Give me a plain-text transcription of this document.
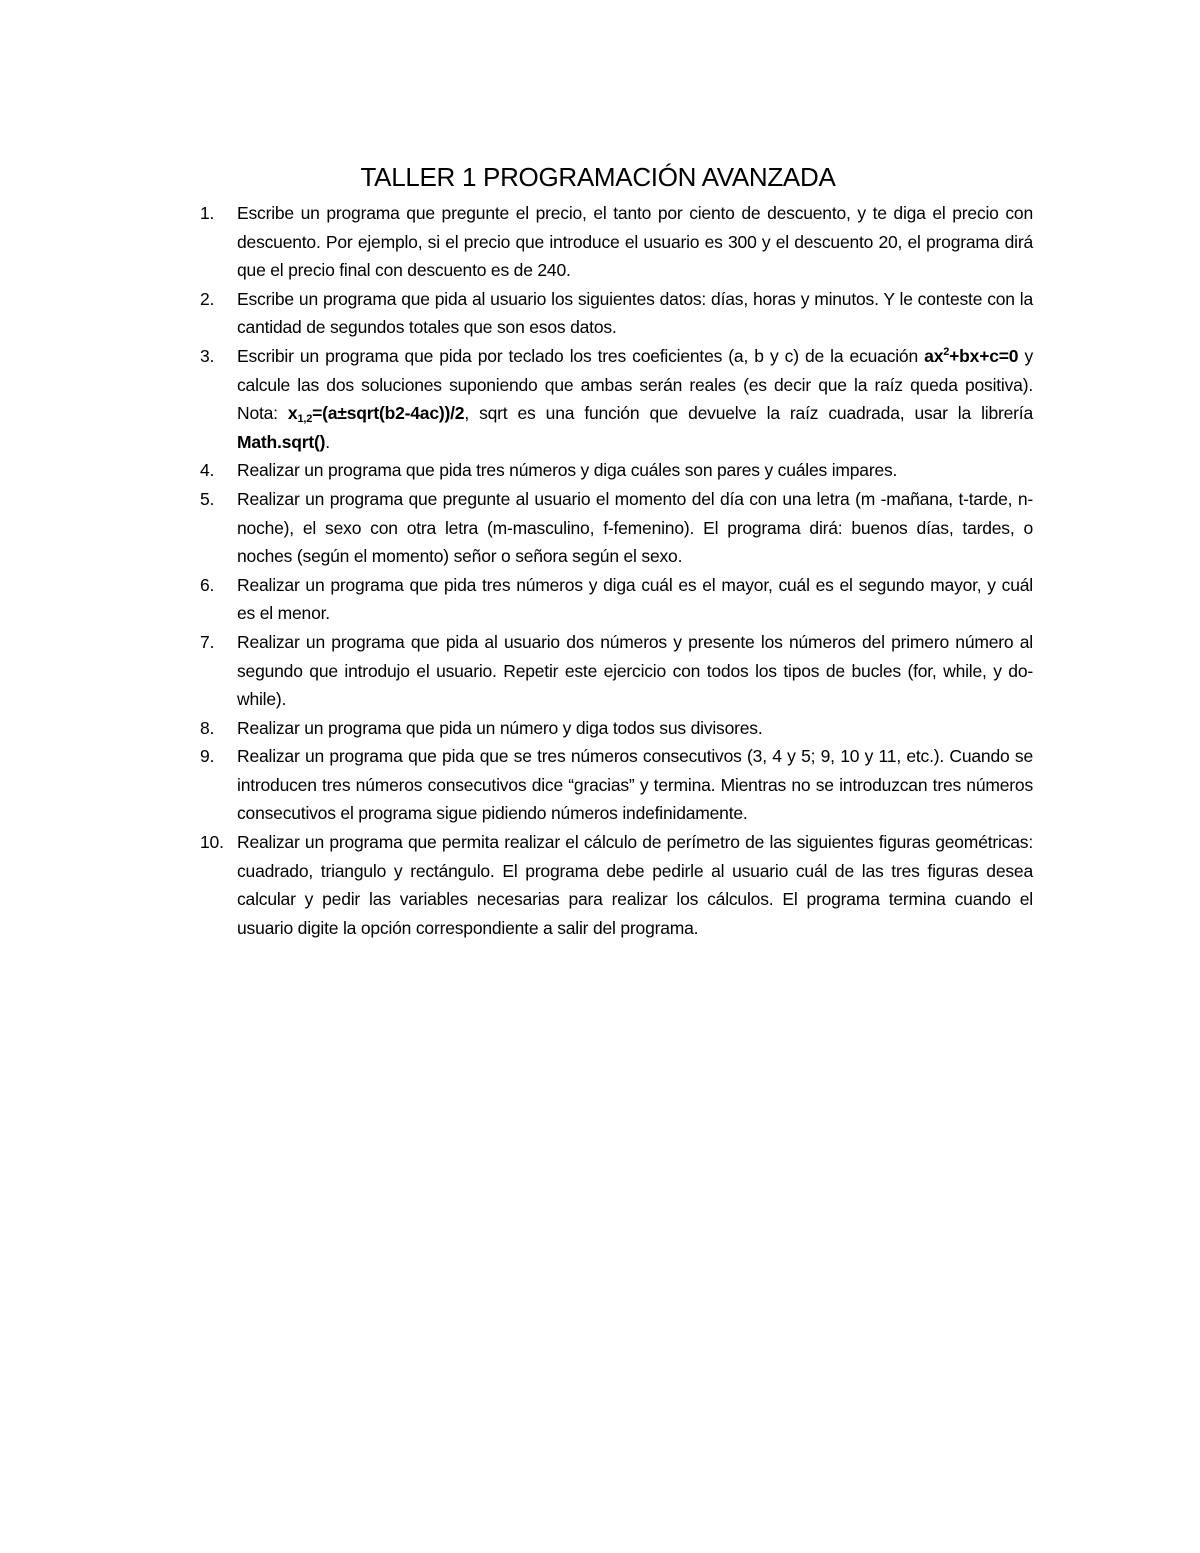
TALLER 1 PROGRAMACIÓN AVANZADA
1.	Escribe un programa que pregunte el precio, el tanto por ciento de descuento, y te diga el precio con descuento. Por ejemplo, si el precio que introduce el usuario es 300 y el descuento 20, el programa dirá que el precio final con descuento es de 240.
2.	Escribe un programa que pida al usuario los siguientes datos: días, horas y minutos. Y le conteste con la cantidad de segundos totales que son esos datos.
3.	Escribir un programa que pida por teclado los tres coeficientes (a, b y c) de la ecuación $ax^2+bx+c=0$ y calcule las dos soluciones suponiendo que ambas serán reales (es decir que la raíz queda positiva). Nota: $x_{1,2}=(a\pm sqrt(b2-4ac))/2$, sqrt es una función que devuelve la raíz cuadrada, usar la librería Math.sqrt().
4.	Realizar un programa que pida tres números y diga cuáles son pares y cuáles impares.
5.	Realizar un programa que pregunte al usuario el momento del día con una letra (m -mañana, t-tarde, n-noche), el sexo con otra letra (m-masculino, f-femenino). El programa dirá: buenos días, tardes, o noches (según el momento) señor o señora según el sexo.
6.	Realizar un programa que pida tres números y diga cuál es el mayor, cuál es el segundo mayor, y cuál es el menor.
7.	Realizar un programa que pida al usuario dos números y presente los números del primero número al segundo que introdujo el usuario. Repetir este ejercicio con todos los tipos de bucles (for, while, y do-while).
8.	Realizar un programa que pida un número y diga todos sus divisores.
9.	Realizar un programa que pida que se tres números consecutivos (3, 4 y 5; 9, 10 y 11, etc.). Cuando se introducen tres números consecutivos dice “gracias” y termina. Mientras no se introduzcan tres números consecutivos el programa sigue pidiendo números indefinidamente.
10. Realizar un programa que permita realizar el cálculo de perímetro de las siguientes figuras geométricas: cuadrado, triangulo y rectángulo. El programa debe pedirle al usuario cuál de las tres figuras desea calcular y pedir las variables necesarias para realizar los cálculos. El programa termina cuando el usuario digite la opción correspondiente a salir del programa.
